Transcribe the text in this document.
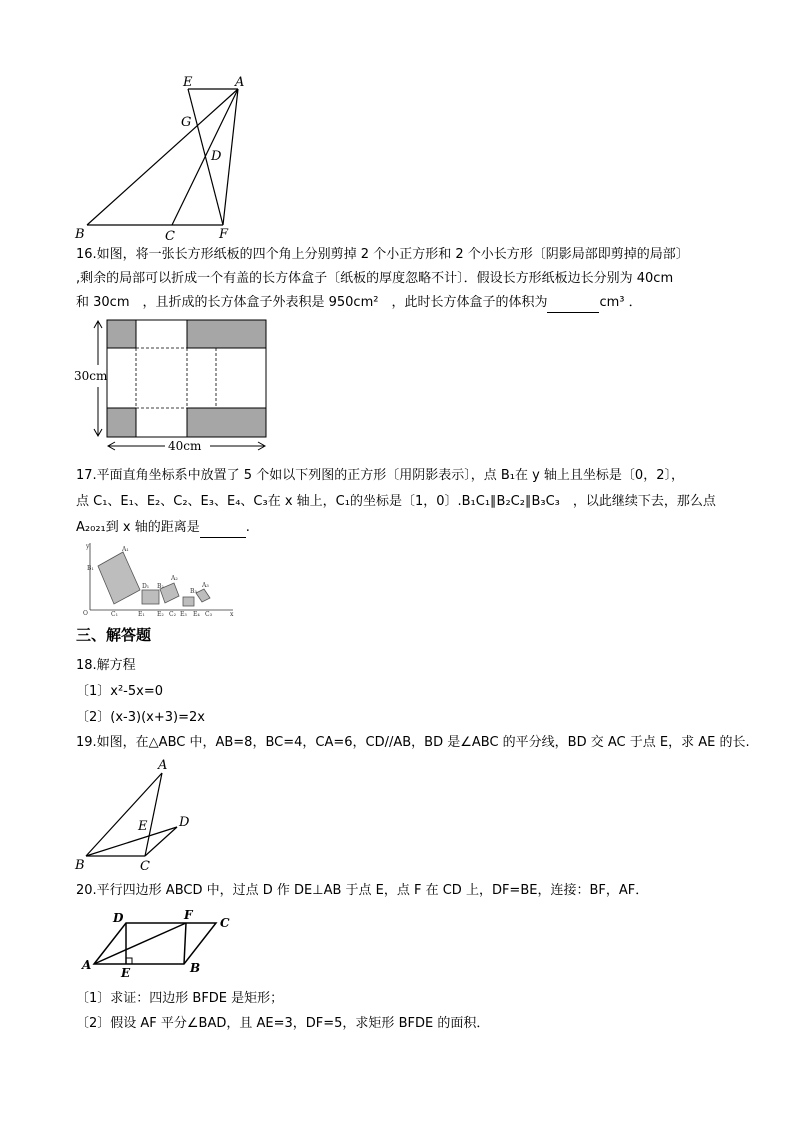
E	A
G
D
B	C	F
16.如图，将一张长方形纸板的四个角上分别剪掉 2 个小正方形和 2 个小长方形〔阴影局部即剪掉的局部〕
,剩余的局部可以折成一个有盖的长方体盒子〔纸板的厚度忽略不计〕．假设长方形纸板边长分别为 40cm
和 30cm　，且折成的长方体盒子外表积是 950cm²　，此时长方体盒子的体积为	cm³ ．
30cm
40cm
17.平面直角坐标系中放置了 5 个如以下列图的正方形〔用阴影表示〕，点 B₁在 y 轴上且坐标是〔0，2〕，
点 C₁、E₁、E₂、C₂、E₃、E₄、C₃在 x 轴上，C₁的坐标是〔1，0〕.B₁C₁∥B₂C₂∥B₃C₃　，以此继续下去，那么点
A₂₀₂₁到 x 轴的距离是	.
y	A₁
B₁
D₁ B₂
A₂
B₃
A₃
O	C₁	E₁ E₂ C₂ E₃ E₄ C₃	x
三、解答题
18.解方程
〔1〕x²-5x=0
〔2〕(x-3)(x+3)=2x
19.如图，在△ABC 中，AB=8，BC=4，CA=6，CD//AB，BD 是∠ABC 的平分线，BD 交 AC 于点 E，求 AE 的长.
A
E D
B	C
20.平行四边形 ABCD 中，过点 D 作 DE⊥AB 于点 E，点 F 在 CD 上，DF=BE，连接：BF，AF．
D	F
C
A
E	B
〔1〕求证：四边形 BFDE 是矩形；
〔2〕假设 AF 平分∠BAD，且 AE=3，DF=5，求矩形 BFDE 的面积．
